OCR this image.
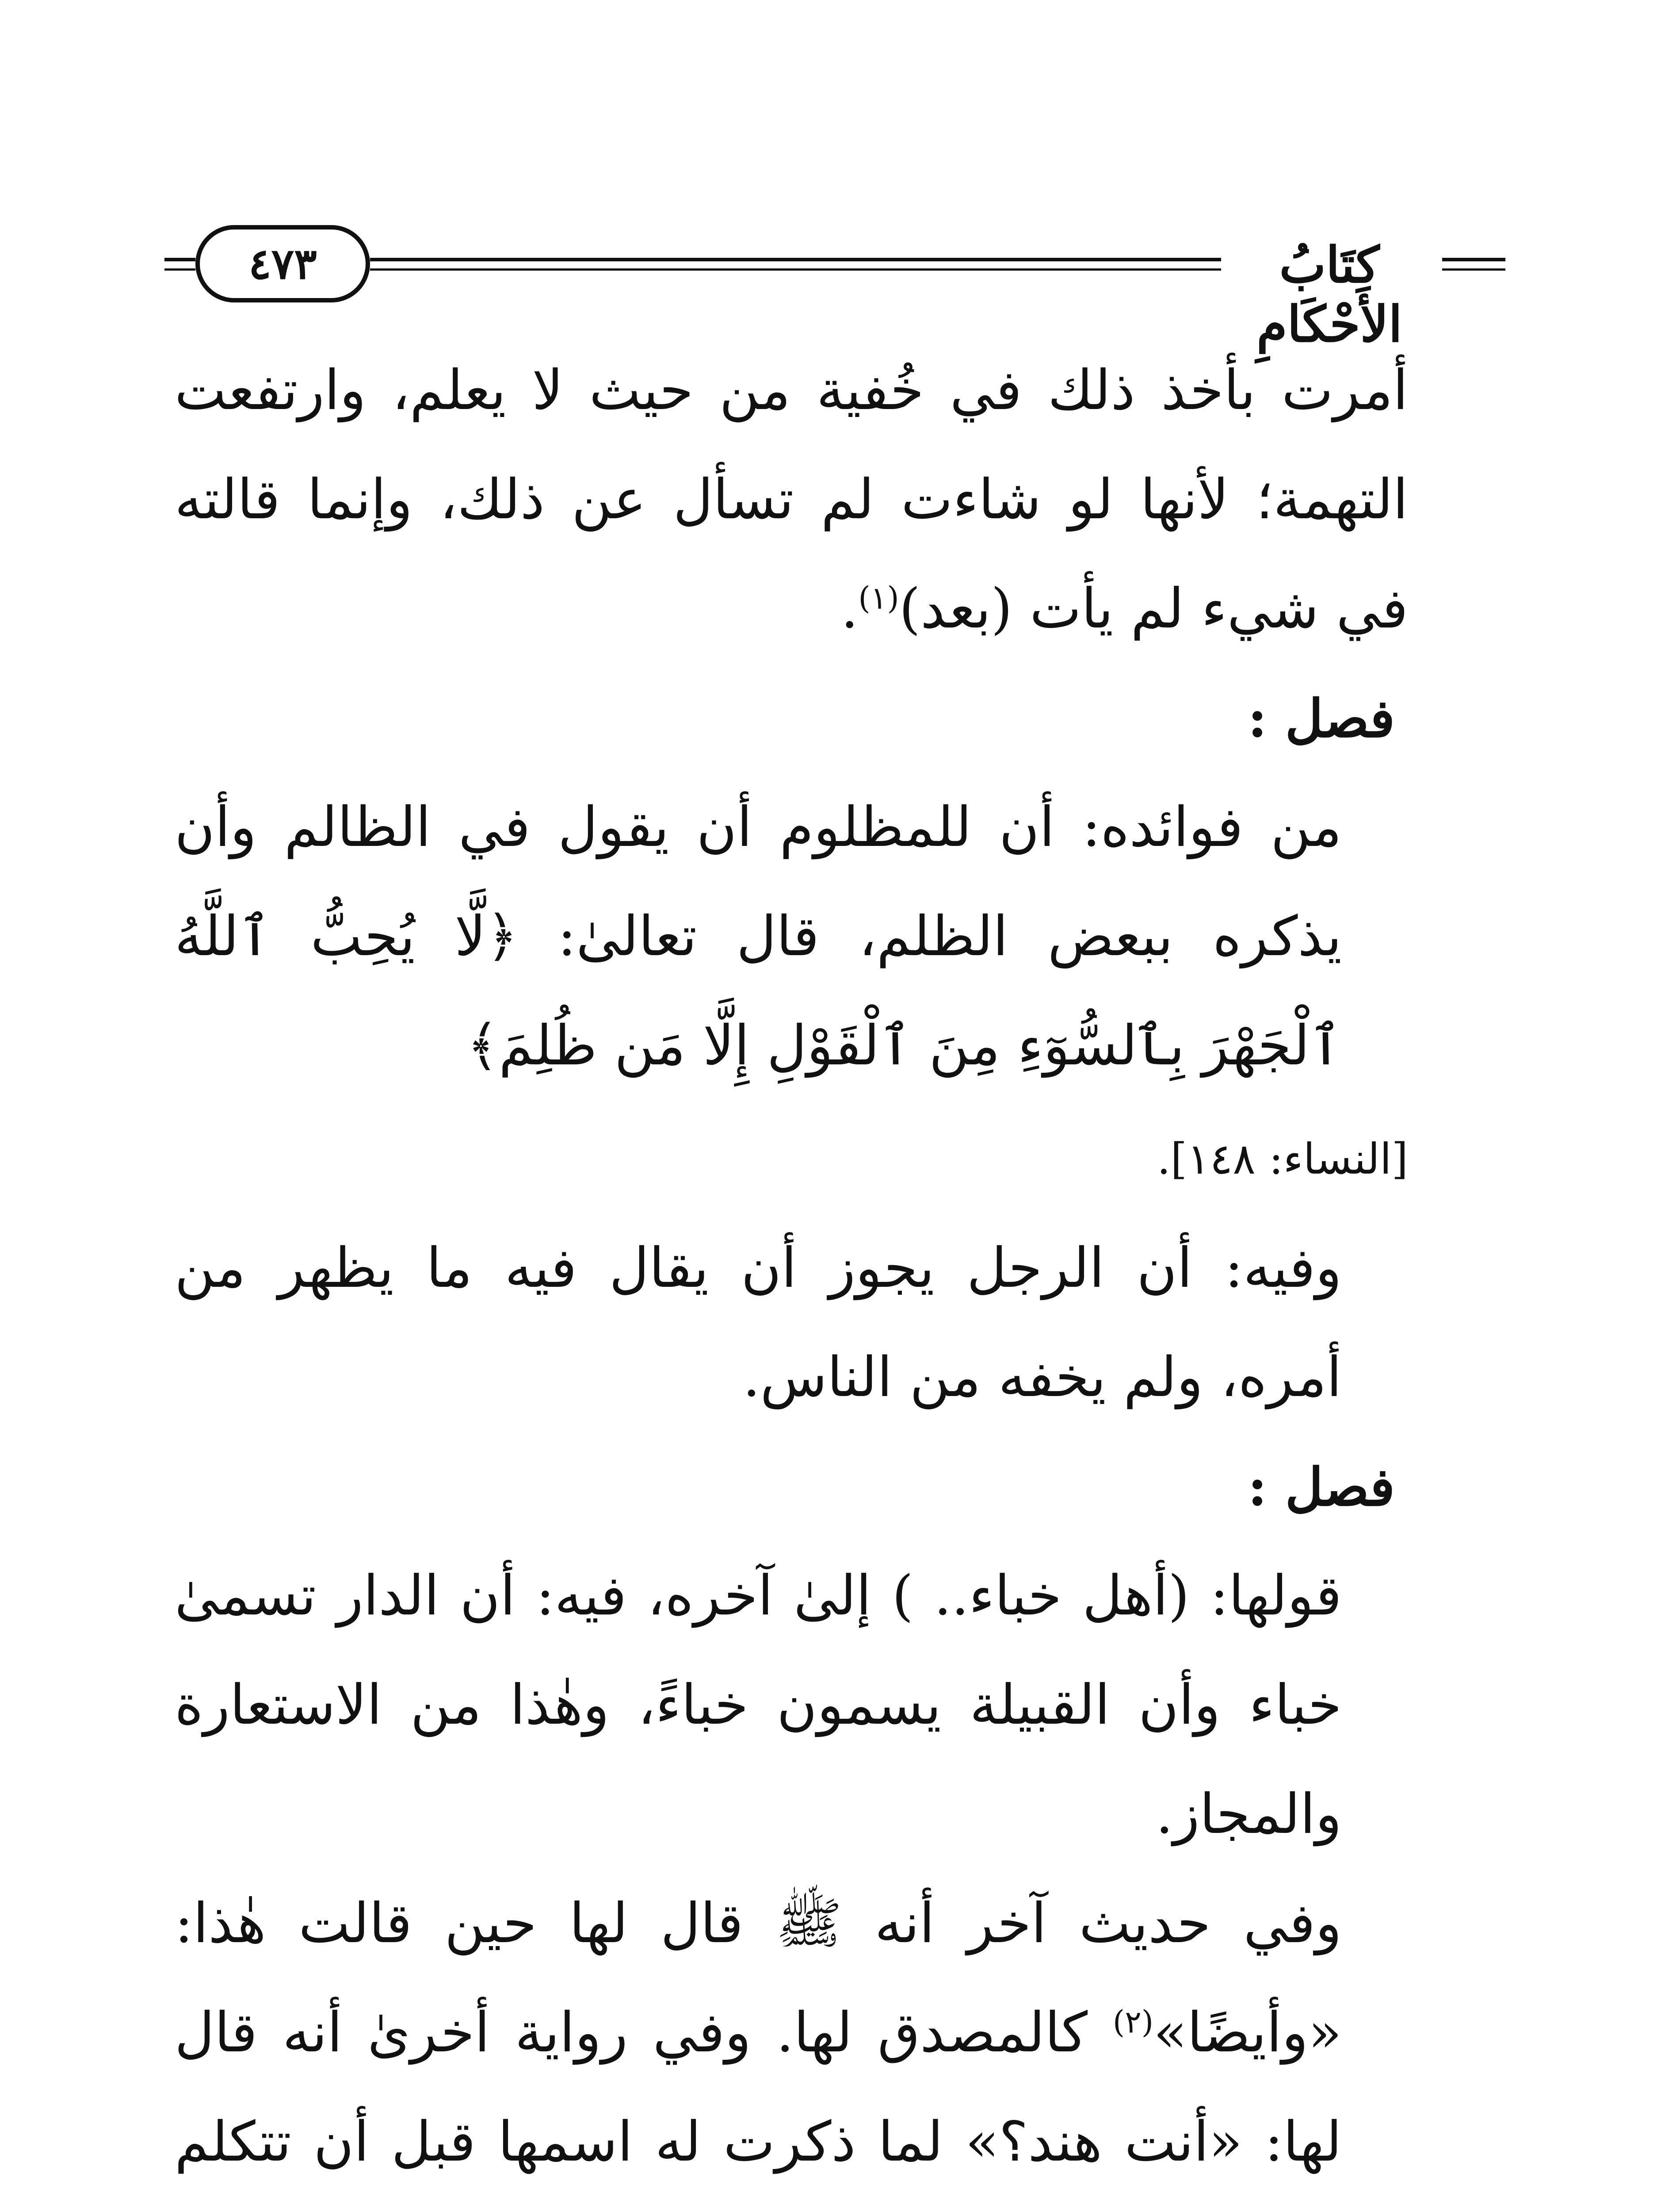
٤٧٣	كِتَابُ الأحْكَامِ

أمرت بأخذ ذلك في خُفية من حيث لا يعلم، وارتفعت التهمة؛ لأنها لو شاءت لم تسأل عن ذلك، وإنما قالته في شيء لم يأت (بعد)$^{(١)}$.

فصل :

من فوائده: أن للمظلوم أن يقول في الظالم وأن يذكره ببعض الظلم، قال تعالىٰ: ﴿لَّا يُحِبُّ ٱللَّهُ ٱلْجَهْرَ بِٱلسُّوٓءِ مِنَ ٱلْقَوْلِ إِلَّا مَن ظُلِمَ﴾

[النساء: ١٤٨].

وفيه: أن الرجل يجوز أن يقال فيه ما يظهر من أمره، ولم يخفه من الناس.

فصل :

قولها: (أهل خباء.. ) إلىٰ آخره، فيه: أن الدار تسمىٰ خباء وأن القبيلة يسمون خباءً، وهٰذا من الاستعارة والمجاز.

وفي حديث آخر أنه ﷺ قال لها حين قالت هٰذا: «وأيضًا»$^{(٢)}$ كالمصدق لها. وفي رواية أخرىٰ أنه قال لها: «أنت هند؟» لما ذكرت له اسمها قبل أن تتكلم
